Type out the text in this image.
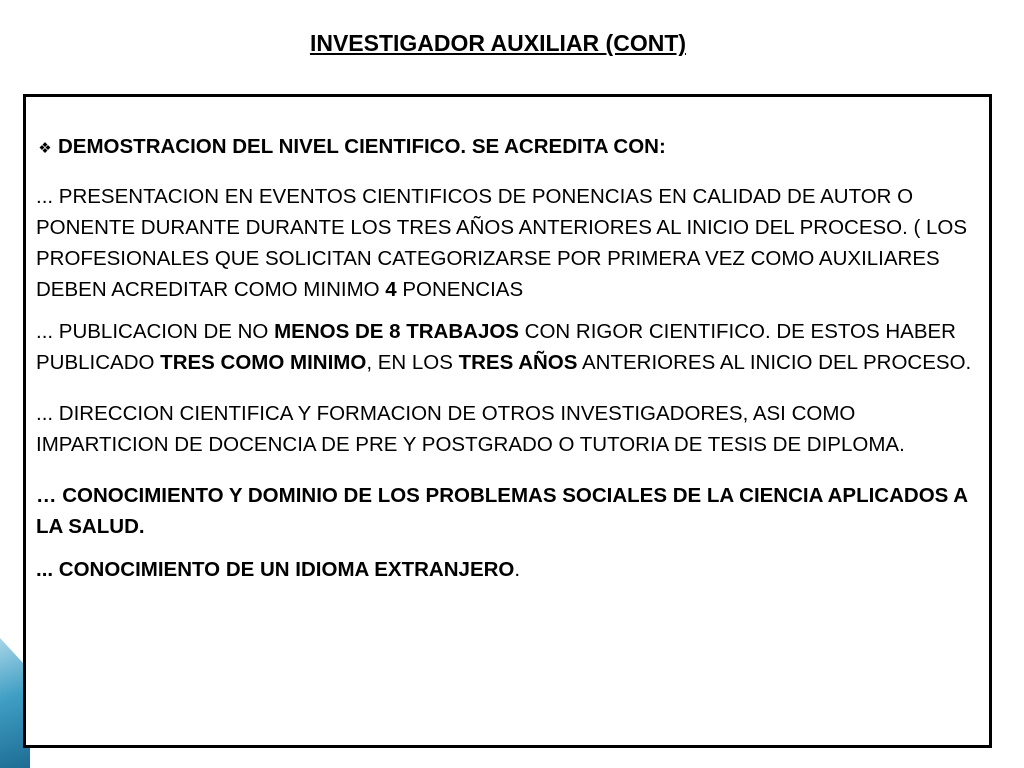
INVESTIGADOR AUXILIAR (CONT)

❖ DEMOSTRACION DEL NIVEL CIENTIFICO. SE ACREDITA CON:

... PRESENTACION EN EVENTOS CIENTIFICOS DE PONENCIAS EN CALIDAD DE AUTOR O PONENTE DURANTE DURANTE LOS TRES AÑOS ANTERIORES AL INICIO DEL PROCESO. ( LOS PROFESIONALES QUE SOLICITAN CATEGORIZARSE POR PRIMERA VEZ COMO AUXILIARES DEBEN ACREDITAR COMO MINIMO 4 PONENCIAS

... PUBLICACION DE NO MENOS DE 8 TRABAJOS CON RIGOR CIENTIFICO. DE ESTOS HABER PUBLICADO TRES COMO MINIMO, EN LOS TRES AÑOS ANTERIORES AL INICIO DEL PROCESO.

... DIRECCION CIENTIFICA Y FORMACION DE OTROS INVESTIGADORES, ASI COMO IMPARTICION DE DOCENCIA DE PRE Y POSTGRADO O TUTORIA DE TESIS DE DIPLOMA.

… CONOCIMIENTO Y DOMINIO DE LOS PROBLEMAS SOCIALES DE LA CIENCIA APLICADOS A LA SALUD.

... CONOCIMIENTO DE UN IDIOMA EXTRANJERO.
